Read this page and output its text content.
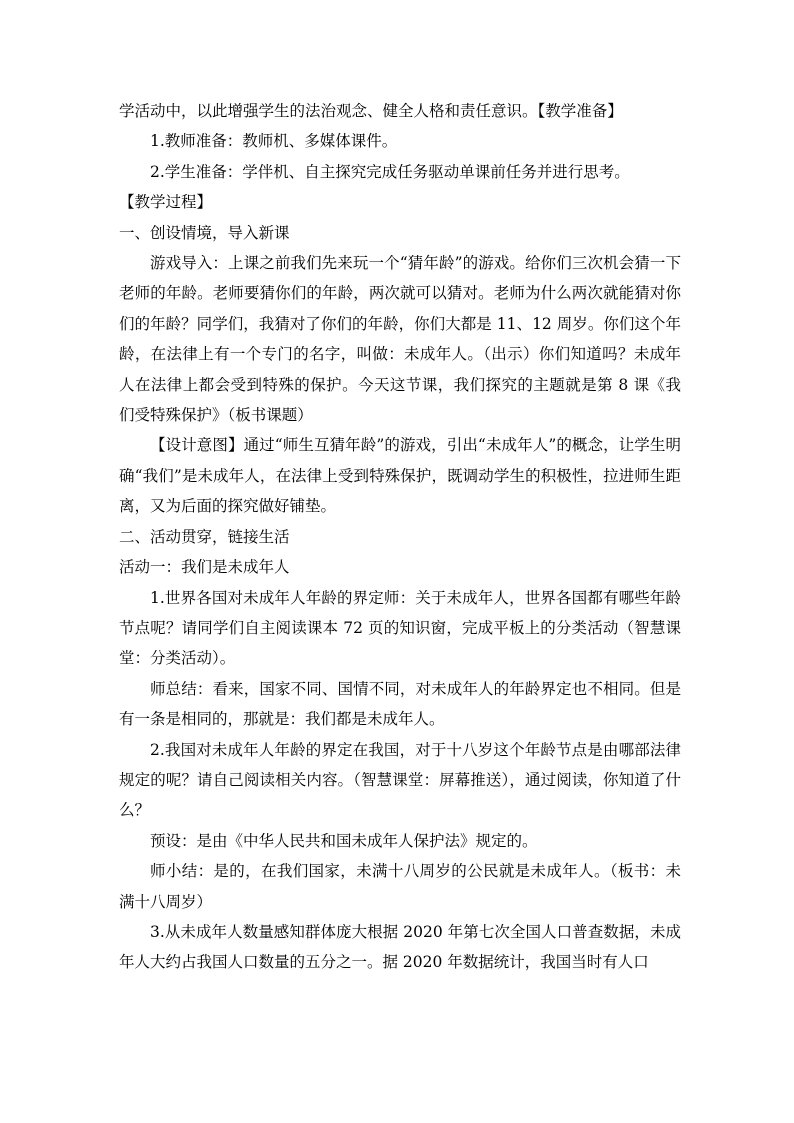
学活动中，以此增强学生的法治观念、健全人格和责任意识。【教学准备】

1.教师准备：教师机、多媒体课件。

2.学生准备：学伴机、自主探究完成任务驱动单课前任务并进行思考。

【教学过程】

一、创设情境，导入新课

游戏导入：上课之前我们先来玩一个“猜年龄”的游戏。给你们三次机会猜一下老师的年龄。老师要猜你们的年龄，两次就可以猜对。老师为什么两次就能猜对你们的年龄？同学们，我猜对了你们的年龄，你们大都是 11、12 周岁。你们这个年龄，在法律上有一个专门的名字，叫做：未成年人。（出示）你们知道吗？未成年人在法律上都会受到特殊的保护。今天这节课，我们探究的主题就是第 8 课《我们受特殊保护》（板书课题）

【设计意图】通过“师生互猜年龄”的游戏，引出“未成年人”的概念，让学生明确“我们”是未成年人，在法律上受到特殊保护，既调动学生的积极性，拉进师生距离，又为后面的探究做好铺垫。

二、活动贯穿，链接生活

活动一：我们是未成年人

1.世界各国对未成年人年龄的界定师：关于未成年人，世界各国都有哪些年龄节点呢？请同学们自主阅读课本 72 页的知识窗，完成平板上的分类活动（智慧课堂：分类活动）。

师总结：看来，国家不同、国情不同，对未成年人的年龄界定也不相同。但是有一条是相同的，那就是：我们都是未成年人。

2.我国对未成年人年龄的界定在我国，对于十八岁这个年龄节点是由哪部法律规定的呢？请自己阅读相关内容。（智慧课堂：屏幕推送），通过阅读，你知道了什么？

预设：是由《中华人民共和国未成年人保护法》规定的。

师小结：是的，在我们国家，未满十八周岁的公民就是未成年人。（板书：未满十八周岁）

3.从未成年人数量感知群体庞大根据 2020 年第七次全国人口普查数据，未成年人大约占我国人口数量的五分之一。据 2020 年数据统计，我国当时有人口
